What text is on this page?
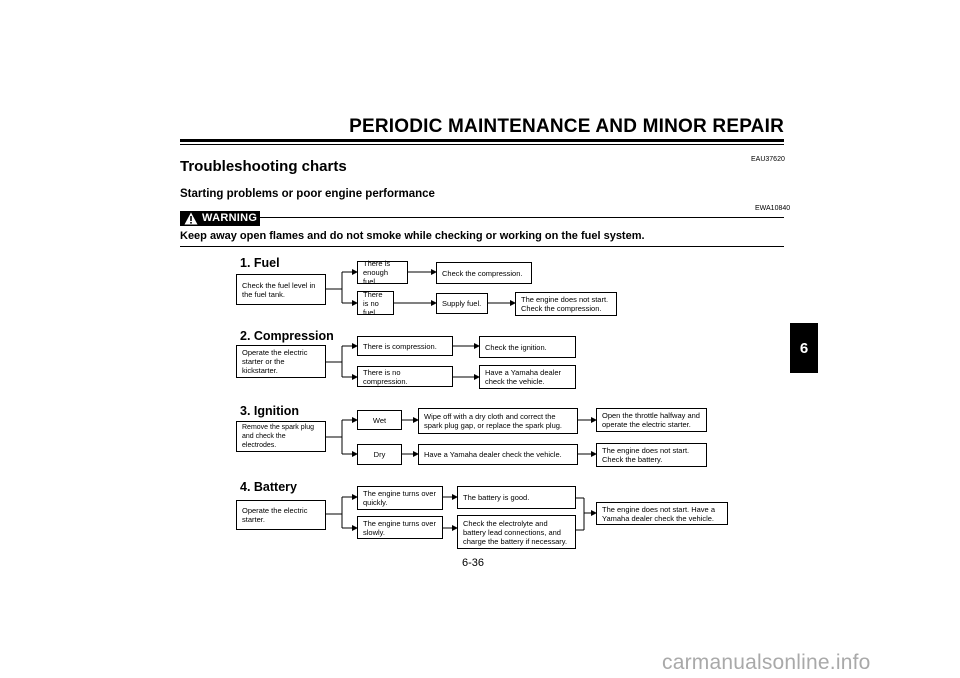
PERIODIC MAINTENANCE AND MINOR REPAIR
EAU37620
Troubleshooting charts
Starting problems or poor engine performance
WARNING
EWA10840
Keep away open flames and do not smoke while checking or working on the fuel system.
1. Fuel
Check the fuel level in the fuel tank.
There is enough fuel.
Check the compression.
There is no fuel.
Supply fuel.	The engine does not start. Check the compression.
2. Compression
Operate the electric starter or the kickstarter.
There is compression.	Check the ignition.
There is no compression.
Have a Yamaha dealer check the vehicle.
3. Ignition
Remove the spark plug and check the electrodes.
Wet	Wipe off with a dry cloth and correct the spark plug gap, or replace the spark plug.
Open the throttle halfway and operate the electric starter.
Dry	Have a Yamaha dealer check the vehicle.	The engine does not start. Check the battery.
4. Battery
Operate the electric starter.
The engine turns over quickly.
The battery is good.
The engine turns over slowly.
Check the electrolyte and battery lead connections, and charge the battery if necessary.
The engine does not start. Have a Yamaha dealer check the vehicle.
6
6-36
carmanualsonline.info
